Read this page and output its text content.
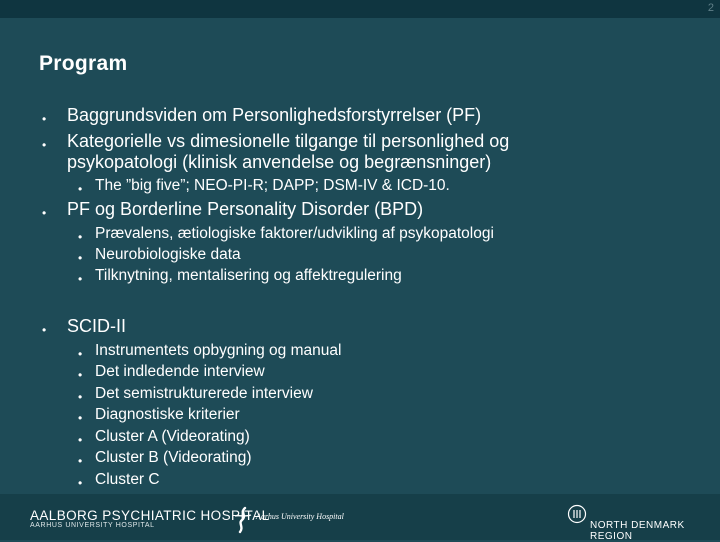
2
Program
• Baggrundsviden om Personlighedsforstyrrelser (PF)
• Kategorielle vs dimesionelle tilgange til personlighed og
psykopatologi (klinisk anvendelse og begrænsninger)
• The ”big five”; NEO-PI-R; DAPP; DSM-IV & ICD-10.
• PF og Borderline Personality Disorder (BPD)
• Prævalens, ætiologiske faktorer/udvikling af psykopatologi
• Neurobiologiske data
• Tilknytning, mentalisering og affektregulering
• SCID-II
• Instrumentets opbygning og manual
• Det indledende interview
• Det semistrukturerede interview
• Diagnostiske kriterier
• Cluster A (Videorating)
• Cluster B (Videorating)
• Cluster C
AALBORG PSYCHIATRIC HOSPITAL
AARHUS UNIVERSITY HOSPITAL
Aarhus University Hospital
NORTH DENMARK REGION
